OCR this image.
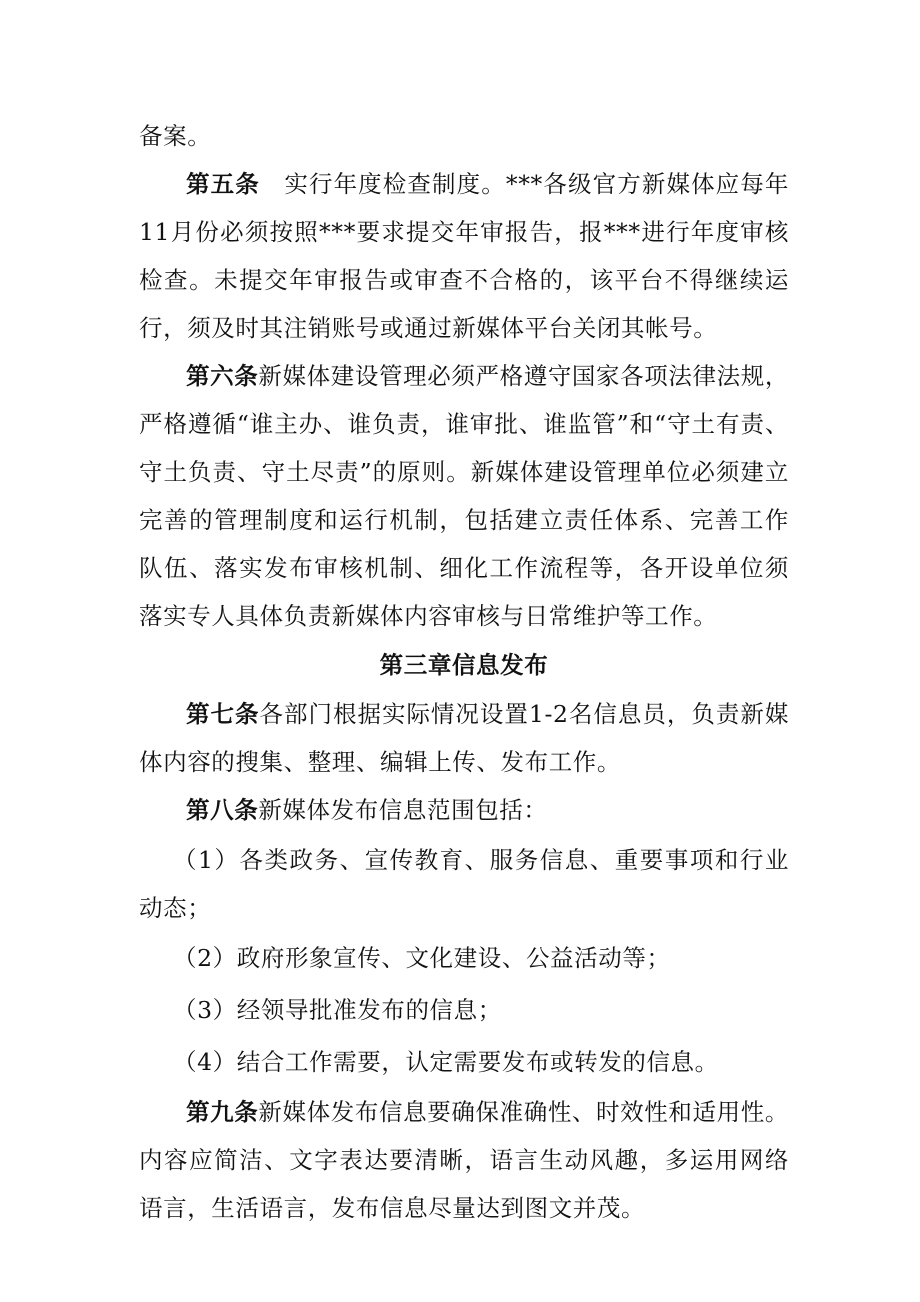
备案。

第五条 实行年度检查制度。***各级官方新媒体应每年11月份必须按照***要求提交年审报告，报***进行年度审核检查。未提交年审报告或审查不合格的，该平台不得继续运行，须及时其注销账号或通过新媒体平台关闭其帐号。

第六条新媒体建设管理必须严格遵守国家各项法律法规，严格遵循“谁主办、谁负责，谁审批、谁监管”和“守土有责、守土负责、守土尽责”的原则。新媒体建设管理单位必须建立完善的管理制度和运行机制，包括建立责任体系、完善工作队伍、落实发布审核机制、细化工作流程等，各开设单位须落实专人具体负责新媒体内容审核与日常维护等工作。

第三章信息发布

第七条各部门根据实际情况设置1-2名信息员，负责新媒体内容的搜集、整理、编辑上传、发布工作。

第八条新媒体发布信息范围包括：

（1）各类政务、宣传教育、服务信息、重要事项和行业动态；

（2）政府形象宣传、文化建设、公益活动等；

（3）经领导批准发布的信息；

（4）结合工作需要，认定需要发布或转发的信息。

第九条新媒体发布信息要确保准确性、时效性和适用性。内容应简洁、文字表达要清晰，语言生动风趣，多运用网络语言，生活语言，发布信息尽量达到图文并茂。
